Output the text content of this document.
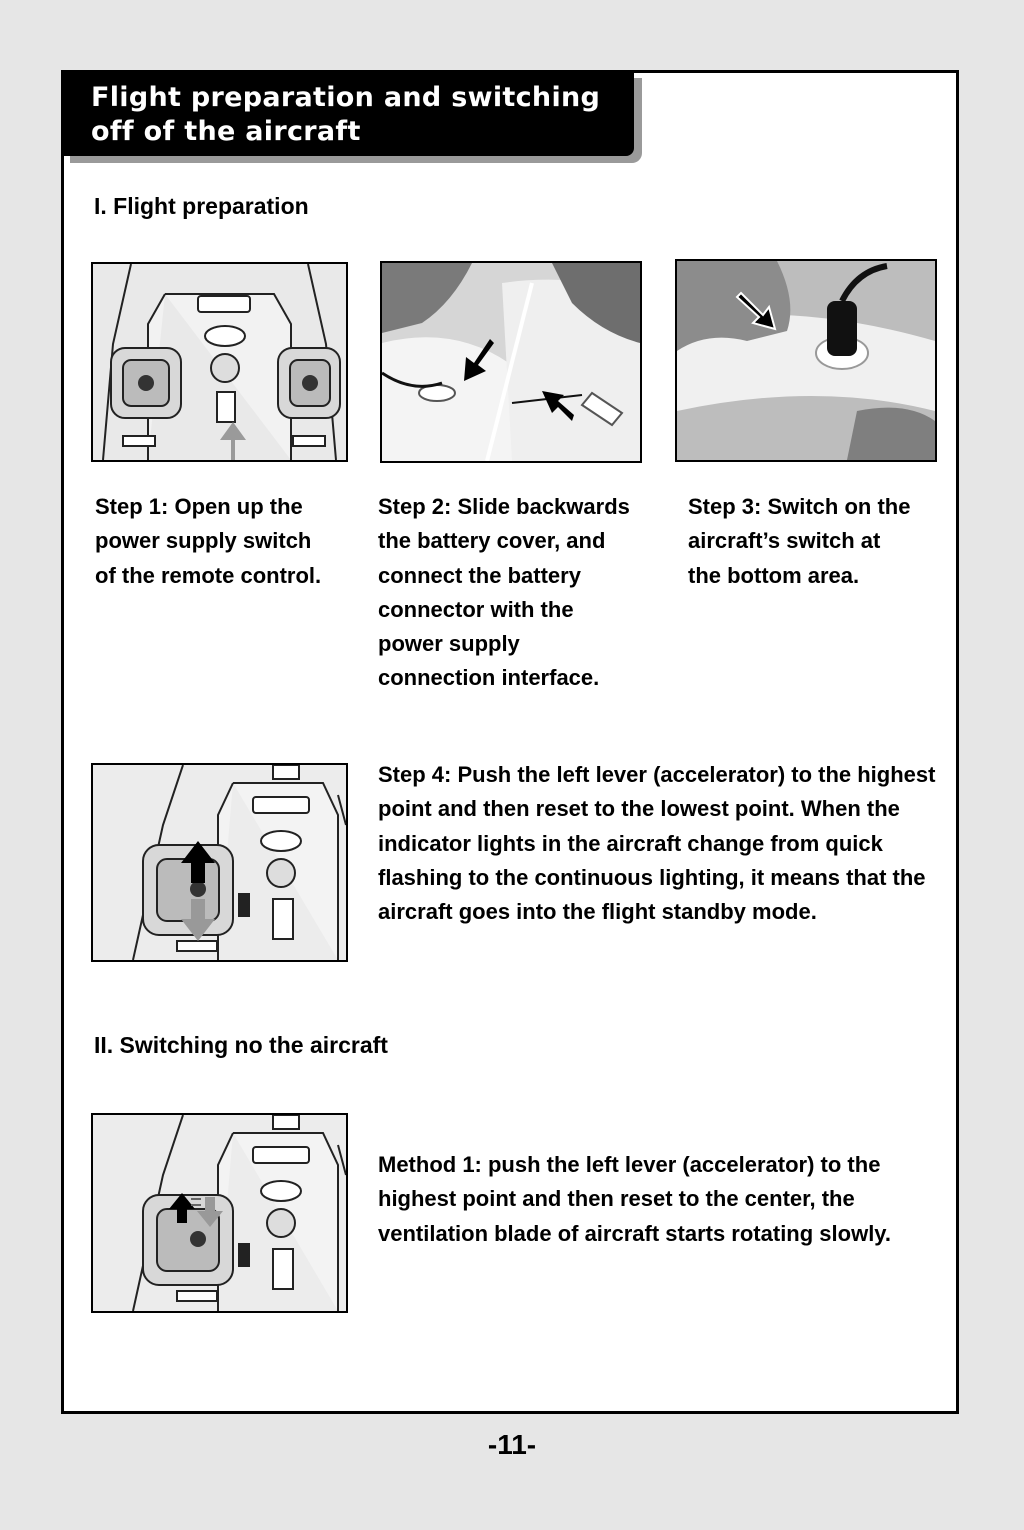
Flight preparation and switching
off of the aircraft
I. Flight preparation
Step 1: Open up the
power supply switch
of the remote control.
Step 2: Slide backwards
the battery cover, and
connect the battery
connector with the
power supply
connection interface.
Step 3: Switch on the
aircraft’s switch at
the bottom area.
Step 4: Push the left lever (accelerator) to the highest point and then reset to the lowest point. When the indicator lights in the aircraft change from quick flashing to the continuous lighting, it means that the aircraft goes into the flight standby mode.
II. Switching no the aircraft
Method 1: push the left lever (accelerator) to the highest point and then reset to the center, the ventilation blade of aircraft starts rotating slowly.
-11-
